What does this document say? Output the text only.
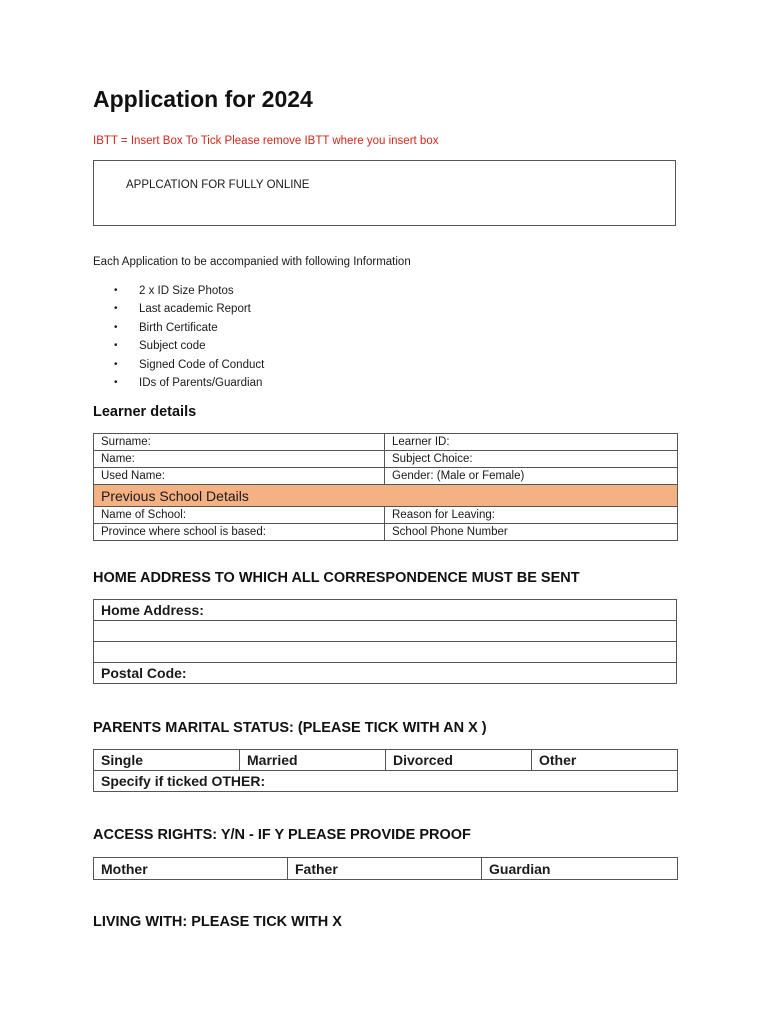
Application for 2024
IBTT = Insert Box To Tick Please remove IBTT where you insert box
APPLCATION FOR FULLY ONLINE
Each Application to be accompanied with following Information
• 2 x ID Size Photos
• Last academic Report
• Birth Certificate
• Subject code
• Signed Code of Conduct
• IDs of Parents/Guardian
Learner details
Surname:	Learner ID:
Name:	Subject Choice:
Used Name:	Gender: (Male or Female)
Previous School Details	
Name of School:	Reason for Leaving:
Province where school is based:	School Phone Number
HOME ADDRESS TO WHICH ALL CORRESPONDENCE MUST BE SENT
Home Address:

Postal Code:
PARENTS MARITAL STATUS: (PLEASE TICK WITH AN X )
Single	Married	Divorced	Other
Specify if ticked OTHER:
ACCESS RIGHTS: Y/N - IF Y PLEASE PROVIDE PROOF
Mother	Father	Guardian
LIVING WITH: PLEASE TICK WITH X
